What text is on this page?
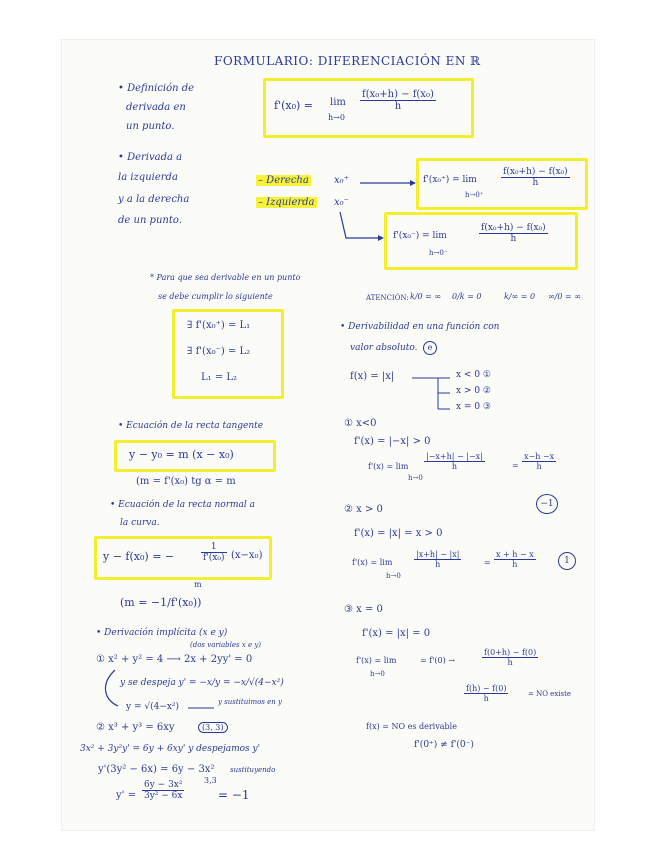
FORMULARIO: DIFERENCIACIÓN EN ℝ
• Definición de
derivada en
un punto.
f'(x₀) = lim
h→0
$\frac{\text{f(x₀+h) − f(x₀)}}{h}$
• Derivada a
la izquierda
y a la derecha
de un punto.
– Derecha
– Izquierda
x₀⁺
x₀⁻
f'(x₀⁺) = lim
h→0⁺
$\frac{\text{f(x₀+h) − f(x₀)}}{h}$
f'(x₀⁻) = lim
h→0⁻
$\frac{\text{f(x₀+h) − f(x₀)}}{h}$
* Para que sea derivable en un punto
se debe cumplir lo siguiente
∃ f'(x₀⁺) = L₁
∃ f'(x₀⁻) = L₂
L₁ = L₂
ATENCIÓN: k/0 = ∞ 0/k = 0	k/∞ = 0 ∞/0 = ∞
• Derivabilidad en una función con
valor absoluto.	e
f(x) = |x|	x < 0 ①
x > 0 ②
x = 0 ③
① x<0
f'(x) = |−x| > 0
f'(x) = lim
h→0
$\frac{|-x+h| - |-x|}{h}$	= $\frac{x-h -x}{h}$
−1
② x > 0
f'(x) = |x| = x > 0
f'(x) = lim
h→0
$\frac{|x+h| - |x|}{h}$	= $\frac{x + h - x}{h}$	1
③ x = 0
f'(x) = |x| = 0
f'(x) = lim	= f'(0) →
h→0
$\frac{f(0+h) - f(0)}{h}$
$\frac{f(h) - f(0)}{h}$	= NO existe
f(x) = NO es derivable
f'(0⁺) ≠ f'(0⁻)
• Ecuación de la recta tangente
y − y₀ = m (x − x₀)
(m = f'(x₀) tg α = m
• Ecuación de la recta normal a
la curva.
y − f(x₀) = −	$\frac{1}{\text{f'(x₀)}} (x-x_0)$
m
(m = −1/f'(x₀))
• Derivación implícita (x e y)
(dos variables x e y)
① x² + y² = 4 ⟶ 2x + 2yy' = 0
y se despeja y' = −x/y = −x/√(4−x²)
y = √(4−x²)	y sustituimos en y
② x³ + y³ = 6xy	(3, 3)
3x² + 3y²y' = 6y + 6xy' y despejamos y'
y'(3y² − 6x) = 6y − 3x²
$y' = \frac{\text{6y − 3x²}}{\text{3y² − 6x}} 3,3$
sustituyendo
= −1
